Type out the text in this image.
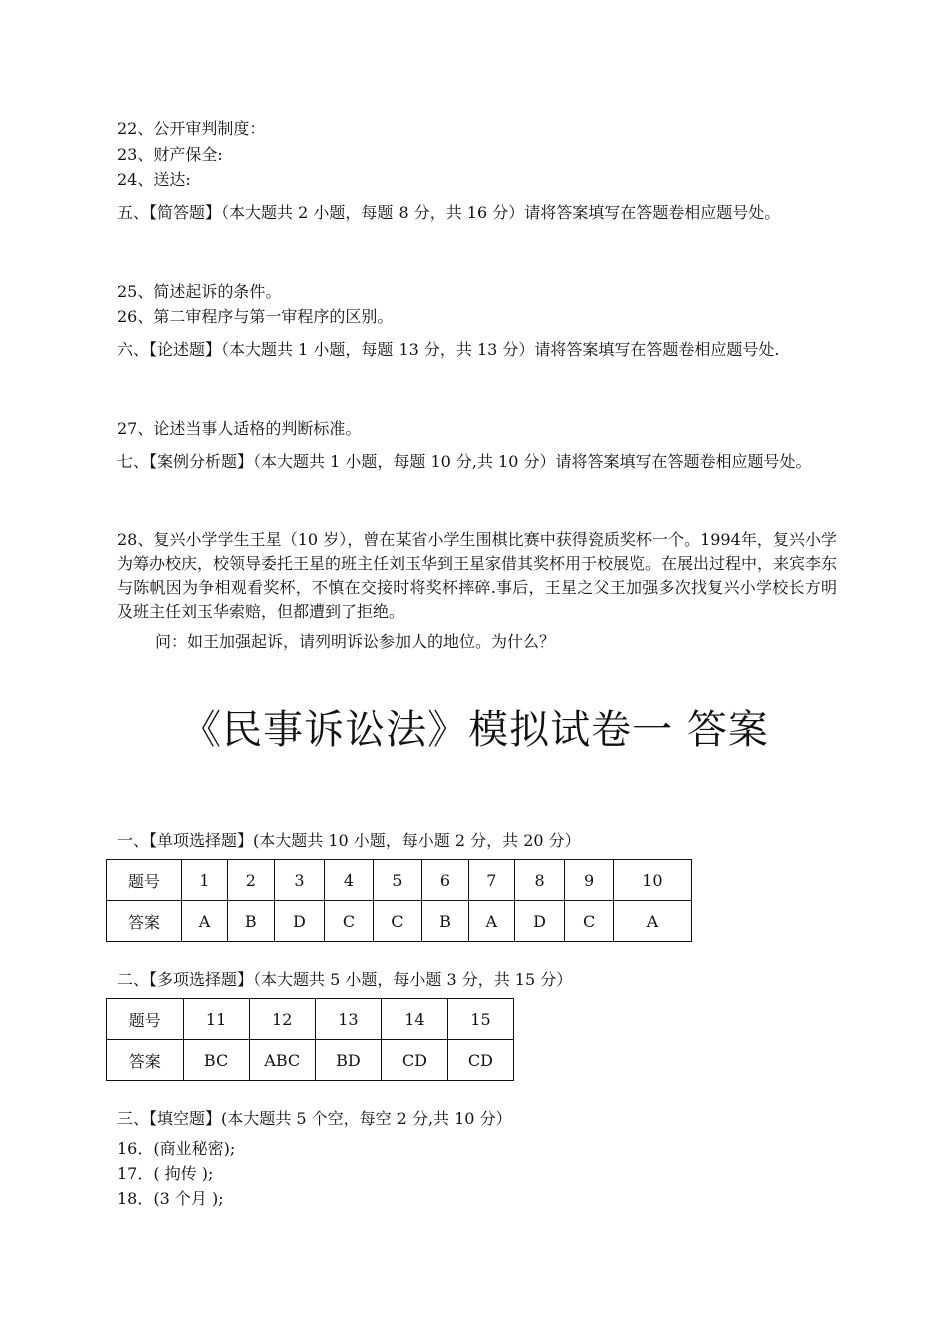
22、公开审判制度：
23、财产保全:
24、送达:
五、【简答题】（本大题共 2 小题，每题 8 分，共 16 分）请将答案填写在答题卷相应题号处。
25、简述起诉的条件。
26、第二审程序与第一审程序的区别。
六、【论述题】（本大题共 1 小题，每题 13 分，共 13 分）请将答案填写在答题卷相应题号处.
27、论述当事人适格的判断标准。
七、【案例分析题】（本大题共 1 小题，每题 10 分,共 10 分）请将答案填写在答题卷相应题号处。
28、复兴小学学生王星（10 岁），曾在某省小学生围棋比赛中获得瓷质奖杯一个。1994年，复兴小学为筹办校庆，校领导委托王星的班主任刘玉华到王星家借其奖杯用于校展览。在展出过程中，来宾李东与陈帆因为争相观看奖杯，不慎在交接时将奖杯摔碎.事后，王星之父王加强多次找复兴小学校长方明及班主任刘玉华索赔，但都遭到了拒绝。
问：如王加强起诉，请列明诉讼参加人的地位。为什么？
《民事诉讼法》模拟试卷一 答案
一、【单项选择题】(本大题共 10 小题，每小题 2 分，共 20 分）
题号	1	2	3	4	5	6	7	8	9	10
答案	A	B	D	C	C	B	A	D	C	A
二、【多项选择题】（本大题共 5 小题，每小题 3 分，共 15 分）
题号	11	12	13	14	15
答案	BC	ABC	BD	CD	CD
三、【填空题】(本大题共 5 个空，每空 2 分,共 10 分）
16．(商业秘密);
17．( 拘传 );
18．(3 个月 );
